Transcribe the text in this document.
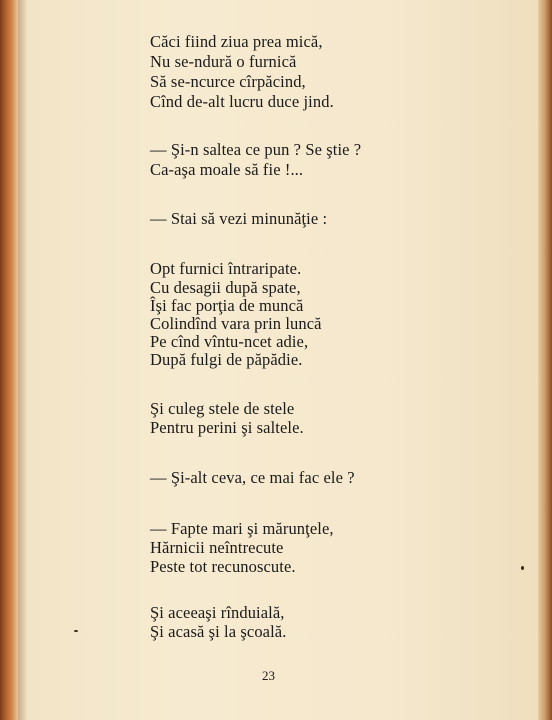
Căci fiind ziua prea mică,
Nu se-ndură o furnică
Să se-ncurce cîrpăcind,
Cînd de-alt lucru duce jind.
— Şi-n saltea ce pun ? Se ştie ?
Ca-aşa moale să fie !...
— Stai să vezi minunăţie :
Opt furnici întraripate.
Cu desagii după spate,
Îşi fac porţia de muncă
Colindînd vara prin luncă
Pe cînd vîntu-ncet adie,
După fulgi de păpădie.
Şi culeg stele de stele
Pentru perini şi saltele.
— Şi-alt ceva, ce mai fac ele ?
— Fapte mari şi mărunţele,
Hărnicii neîntrecute
Peste tot recunoscute.
Şi aceeaşi rînduială,
Şi acasă şi la şcoală.
23
